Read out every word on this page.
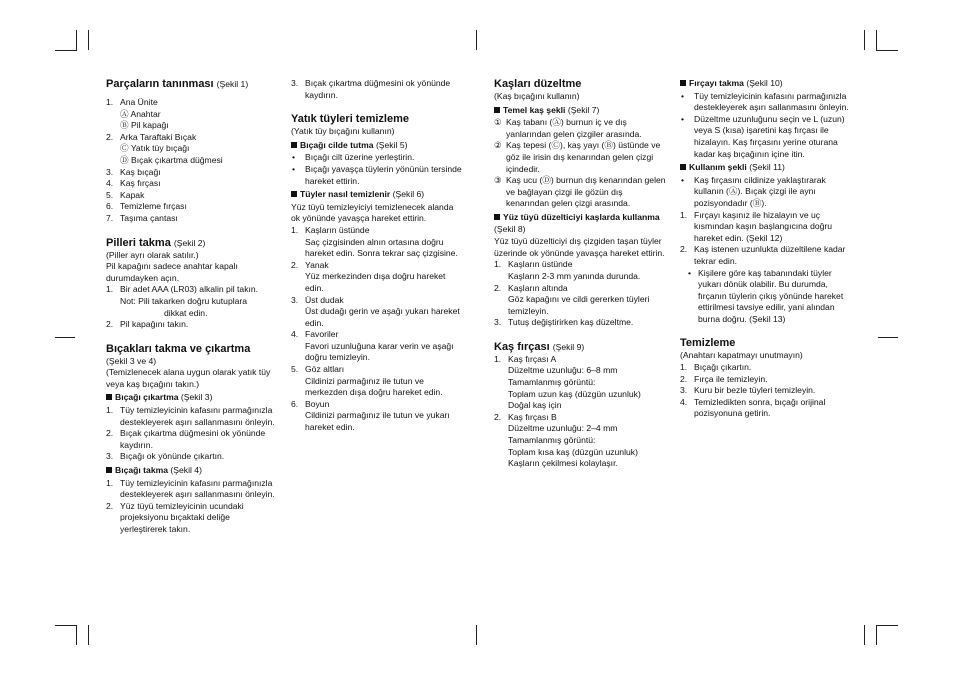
Parçaların tanınması (Şekil 1)
1. Ana Ünite
Ⓐ Anahtar
Ⓑ Pil kapağı
2. Arka Taraftaki Bıçak
Ⓒ Yatık tüy bıçağı
Ⓓ Bıçak çıkartma düğmesi
3. Kaş bıçağı
4. Kaş fırçası
5. Kapak
6. Temizleme fırçası
7. Taşıma çantası
Pilleri takma (Şekil 2)

(Piller ayrı olarak satılır.)

Pil kapağını sadece anahtar kapalı durumdayken açın.

1. Bir adet AAA (LR03) alkalin pil takın.
Not: Pili takarken doğru kutuplara
dikkat edin.
2. Pil kapağını takın.
Bıçakları takma ve çıkartma

(Şekil 3 ve 4)

(Temizlenecek alana uygun olarak yatık tüy veya kaş bıçağını takın.)

Bıçağı çıkartma (Şekil 3)
1. Tüy temizleyicinin kafasını parmağınızla destekleyerek aşırı sallanmasını önleyin.
2. Bıçak çıkartma düğmesini ok yönünde kaydırın.
3. Bıçağı ok yönünde çıkartın.
Bıçağı takma (Şekil 4)
1. Tüy temizleyicinin kafasını parmağınızla destekleyerek aşırı sallanmasını önleyin.
2. Yüz tüyü temizleyicinin ucundaki projeksiyonu bıçaktaki deliğe yerleştirerek takın.
3. Bıçak çıkartma düğmesini ok yönünde kaydırın.
Yatık tüyleri temizleme

(Yatık tüy bıçağını kullanın)

Bıçağı cilde tutma (Şekil 5)
•	Bıçağı cilt üzerine yerleştirin.
•	Bıçağı yavaşça tüylerin yönünün tersinde hareket ettirin.
Tüyler nasıl temizlenir (Şekil 6)

Yüz tüyü temizleyiciyi temizlenecek alanda ok yönünde yavaşça hareket ettirin.

1. Kaşların üstünde

Saç çizgisinden alnın ortasına doğru hareket edin. Sonra tekrar saç çizgisine.
2. Yanak
Yüz merkezinden dışa doğru hareket edin.
3. Üst dudak
Üst dudağı gerin ve aşağı yukarı hareket edin.
4. Favoriler
Favori uzunluğuna karar verin ve aşağı doğru temizleyin.
5. Göz altları
Cildinizi parmağınız ile tutun ve merkezden dışa doğru hareket edin.
6. Boyun
Cildinizi parmağınız ile tutun ve yukarı hareket edin.
Kaşları düzeltme

(Kaş bıçağını kullanın)

Temel kaş şekli (Şekil 7)
① Kaş tabanı (Ⓐ) burnun iç ve dış yanlarından gelen çizgiler arasında.
② Kaş tepesi (Ⓒ), kaş yayı (Ⓑ) üstünde ve göz ile irisin dış kenarından gelen çizgi içindedir.
③ Kaş ucu (Ⓓ) burnun dış kenarından gelen ve bağlayan çizgi ile gözün dış kenarından gelen çizgi arasında.
Yüz tüyü düzelticiyi kaşlarda kullanma (Şekil 8)

Yüz tüyü düzelticiyi dış çizgiden taşan tüyler üzerinde ok yönünde yavaşça hareket ettirin.

1. Kaşların üstünde
Kaşların 2-3 mm yanında durunda.
2. Kaşların altında
Göz kapağını ve cildi gererken tüyleri temizleyin.
3. Tutuş değiştirirken kaş düzeltme.
Kaş fırçası (Şekil 9)
1. Kaş fırçası A
Düzeltme uzunluğu: 6–8 mm
Tamamlanmış görüntü:
Toplam uzun kaş (düzgün uzunluk)
Doğal kaş için
2. Kaş fırçası B
Düzeltme uzunluğu: 2–4 mm
Tamamlanmış görüntü:
Toplam kısa kaş (düzgün uzunluk)
Kaşların çekilmesi kolaylaşır.
Fırçayı takma (Şekil 10)
•	Tüy temizleyicinin kafasını parmağınızla destekleyerek aşırı sallanmasını önleyin.
•	Düzeltme uzunluğunu seçin ve L (uzun) veya S (kısa) işaretini kaş fırçası ile hizalayın. Kaş fırçasını yerine oturana kadar kaş bıçağının içine itin.
Kullanım şekli (Şekil 11)
•	Kaş fırçasını cildinize yaklaştırarak kullanın (Ⓐ). Bıçak çizgi ile aynı pozisyondadır (Ⓑ).
1. Fırçayı kaşınız ile hizalayın ve uç kısmından kaşın başlangıcına doğru hareket edin. (Şekil 12)
2. Kaş istenen uzunlukta düzeltilene kadar tekrar edin.
• Kişilere göre kaş tabanındaki tüyler yukarı dönük olabilir. Bu durumda, fırçanın tüylerin çıkış yönünde hareket ettirilmesi tavsiye edilir, yani alından burna doğru. (Şekil 13)
Temizleme

(Anahtarı kapatmayı unutmayın)

1. Bıçağı çıkartın.
2. Fırça ile temizleyin.
3. Kuru bir bezle tüyleri temizleyin.
4. Temizledikten sonra, bıçağı orijinal pozisyonuna getirin.
